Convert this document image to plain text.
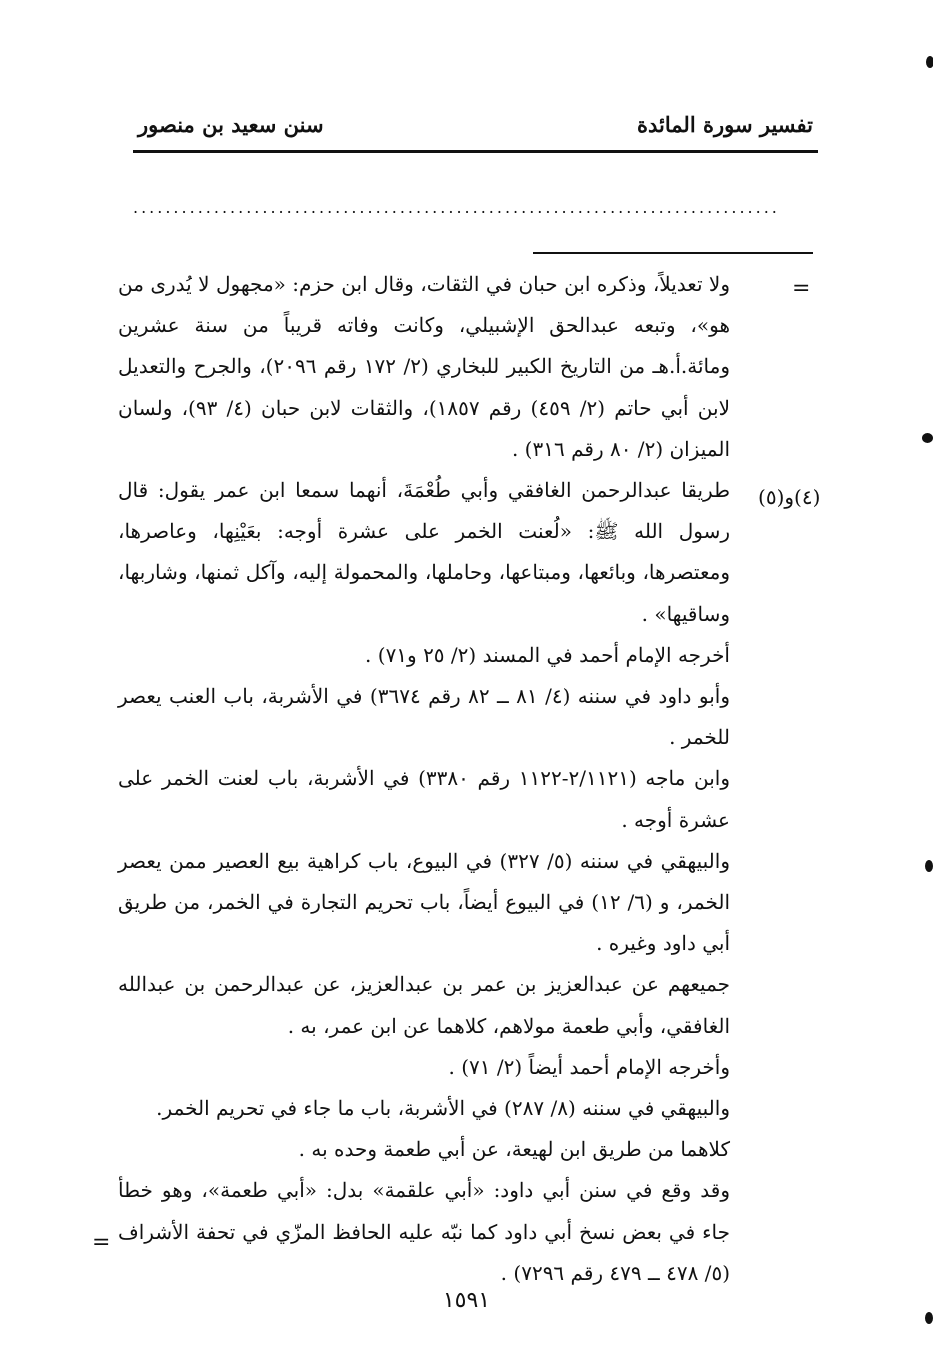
تفسير سورة المائدة
سنن سعيد بن منصور
................................................................................
=
(٤)و(٥)

ولا تعديلاً، وذكره ابن حبان في الثقات، وقال ابن حزم: «مجهول لا يُدرى من هو»، وتبعه عبدالحق الإشبيلي، وكانت وفاته قريباً من سنة عشرين ومائة.أ.هـ من التاريخ الكبير للبخاري (٢/ ١٧٢ رقم ٢٠٩٦)، والجرح والتعديل لابن أبي حاتم (٢/ ٤٥٩) رقم ١٨٥٧)، والثقات لابن حبان (٤/ ٩٣)، ولسان الميزان (٢/ ٨٠ رقم ٣١٦) .

طريقا عبدالرحمن الغافقي وأبي طُعْمَةَ، أنهما سمعا ابن عمر يقول: قال رسول الله ﷺ: «لُعنت الخمر على عشرة أوجه: بعَيْنِها، وعاصرها، ومعتصرها، وبائعها، ومبتاعها، وحاملها، والمحمولة إليه، وآكل ثمنها، وشاربها، وساقيها» .

أخرجه الإمام أحمد في المسند (٢/ ٢٥ و٧١) .

وأبو داود في سننه (٤/ ٨١ ــ ٨٢ رقم ٣٦٧٤) في الأشربة، باب العنب يعصر للخمر .

وابن ماجه (٢/١١٢١-١١٢٢ رقم ٣٣٨٠) في الأشربة، باب لعنت الخمر على عشرة أوجه .

والبيهقي في سننه (٥/ ٣٢٧) في البيوع، باب كراهية بيع العصير ممن يعصر الخمر، و (٦/ ١٢) في البيوع أيضاً، باب تحريم التجارة في الخمر، من طريق أبي داود وغيره .

جميعهم عن عبدالعزيز بن عمر بن عبدالعزيز، عن عبدالرحمن بن عبدالله الغافقي، وأبي طعمة مولاهم، كلاهما عن ابن عمر، به .

وأخرجه الإمام أحمد أيضاً (٢/ ٧١) .

والبيهقي في سننه (٨/ ٢٨٧) في الأشربة، باب ما جاء في تحريم الخمر.

كلاهما من طريق ابن لهيعة، عن أبي طعمة وحده به .

وقد وقع في سنن أبي داود: «أبي علقمة» بدل: «أبي طعمة»، وهو خطأ جاء في بعض نسخ أبي داود كما نبّه عليه الحافظ المزّي في تحفة الأشراف (٥/ ٤٧٨ ــ ٤٧٩ رقم ٧٢٩٦) .

=
١٥٩١
